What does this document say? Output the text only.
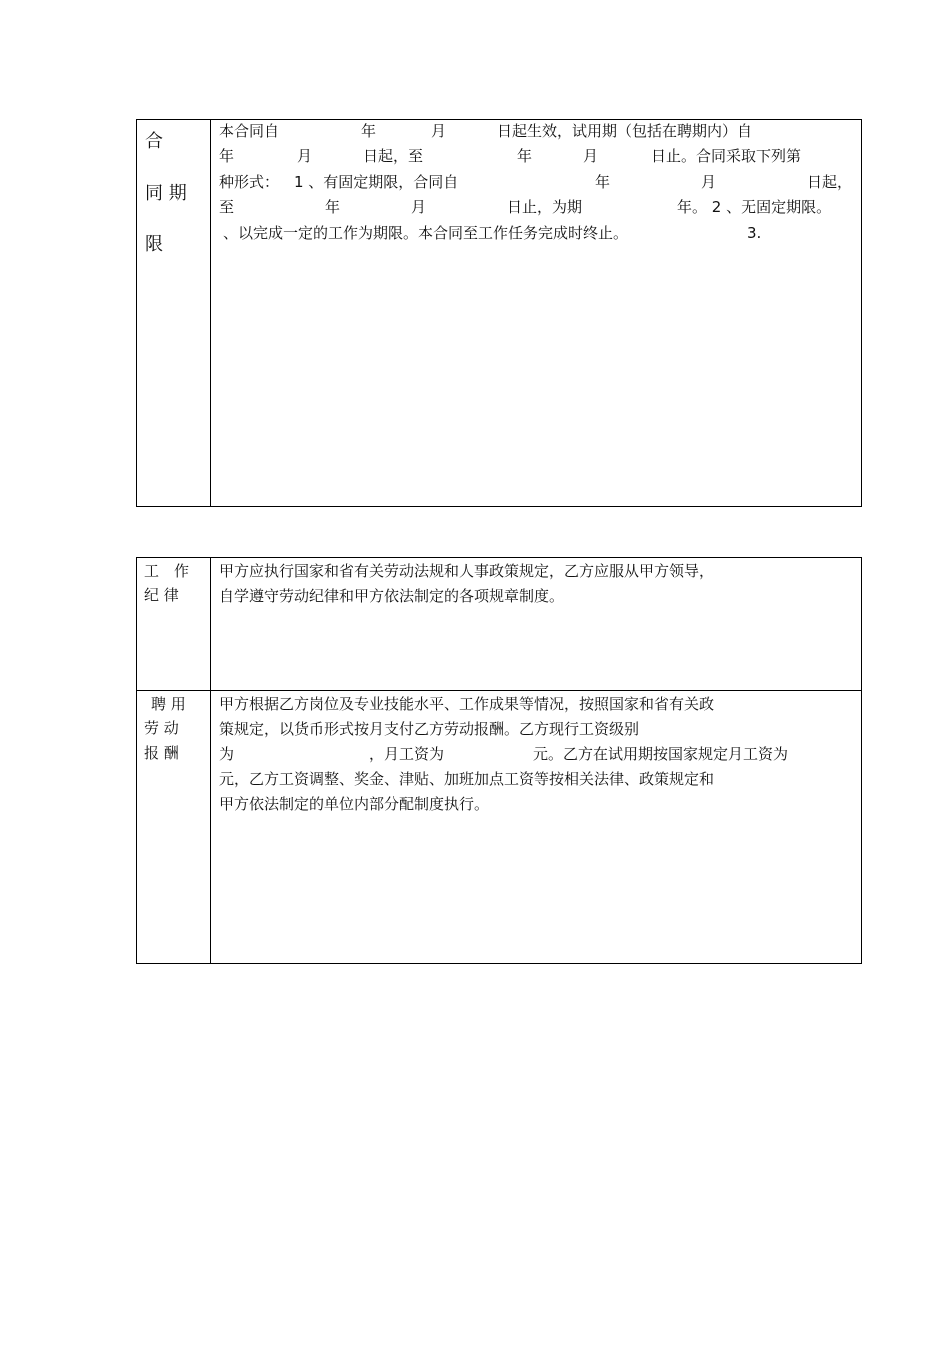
合
同 期
限
本合同自	年	月	日起生效，试用期（包括在聘期内）自
年	月	日起，至	年	月	日止。合同采取下列第
种形式： 1 、有固定期限，合同自	年	月	日起，
至	年	月	日止，为期	年。 2 、无固定期限。
、以完成一定的工作为期限。本合同至工作任务完成时终止。	3.
工　作
纪 律
甲方应执行国家和省有关劳动法规和人事政策规定，乙方应服从甲方领导，
自学遵守劳动纪律和甲方依法制定的各项规章制度。
聘 用
劳 动
报 酬
甲方根据乙方岗位及专业技能水平、工作成果等情况，按照国家和省有关政
策规定，以货币形式按月支付乙方劳动报酬。乙方现行工资级别
为	，月工资为	元。乙方在试用期按国家规定月工资为
元，乙方工资调整、奖金、津贴、加班加点工资等按相关法律、政策规定和
甲方依法制定的单位内部分配制度执行。
